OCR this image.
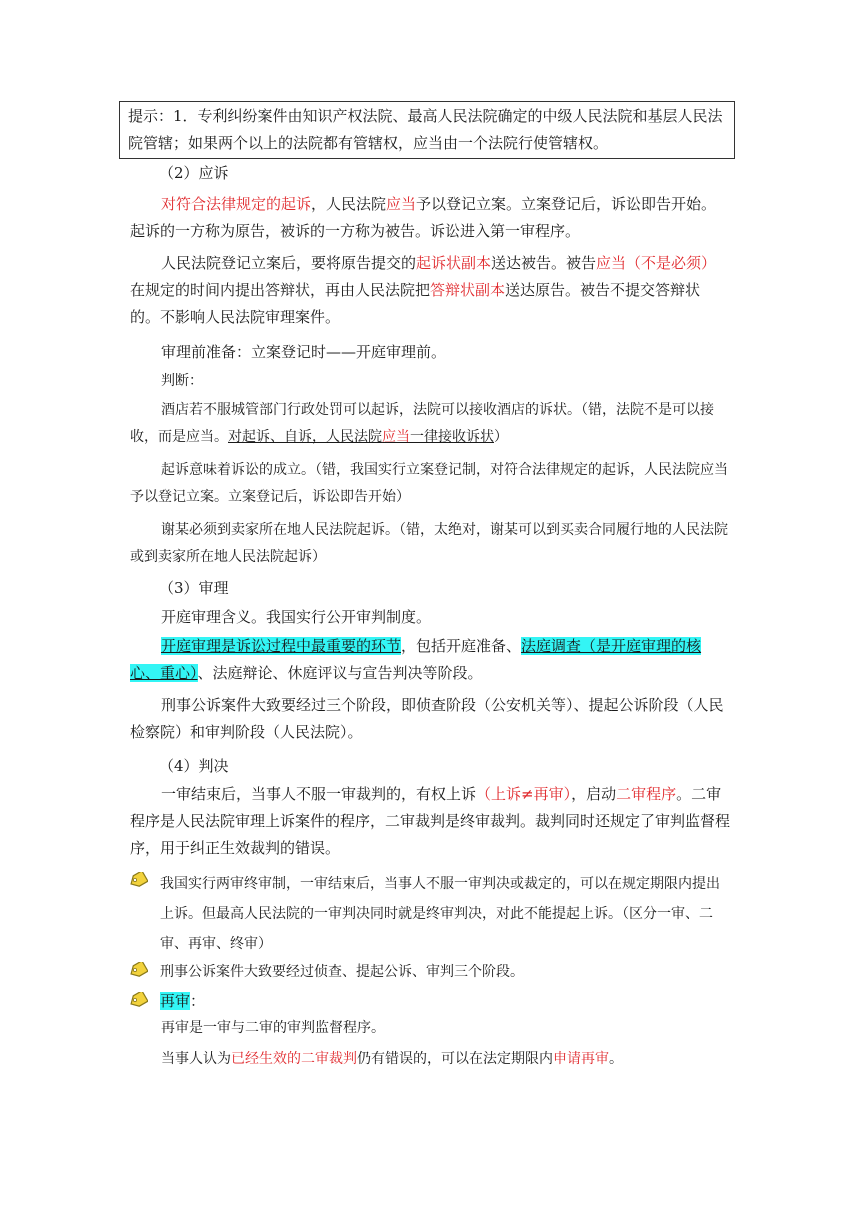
提示：1．专利纠纷案件由知识产权法院、最高人民法院确定的中级人民法院和基层人民法
院管辖；如果两个以上的法院都有管辖权，应当由一个法院行使管辖权。
（2）应诉

对符合法律规定的起诉，人民法院应当予以登记立案。立案登记后，诉讼即告开始。起诉的一方称为原告，被诉的一方称为被告。诉讼进入第一审程序。

人民法院登记立案后，要将原告提交的起诉状副本送达被告。被告应当（不是必须）在规定的时间内提出答辩状，再由人民法院把答辩状副本送达原告。被告不提交答辩状的。不影响人民法院审理案件。

审理前准备：立案登记时——开庭审理前。

判断：

酒店若不服城管部门行政处罚可以起诉，法院可以接收酒店的诉状。（错，法院不是可以接收，而是应当。对起诉、自诉，人民法院应当一律接收诉状）

起诉意味着诉讼的成立。（错，我国实行立案登记制，对符合法律规定的起诉，人民法院应当予以登记立案。立案登记后，诉讼即告开始）

谢某必须到卖家所在地人民法院起诉。（错，太绝对，谢某可以到买卖合同履行地的人民法院或到卖家所在地人民法院起诉）

（3）审理

开庭审理含义。我国实行公开审判制度。

开庭审理是诉讼过程中最重要的环节，包括开庭准备、法庭调查（是开庭审理的核心、重心）、法庭辩论、休庭评议与宣告判决等阶段。

刑事公诉案件大致要经过三个阶段，即侦查阶段（公安机关等）、提起公诉阶段（人民检察院）和审判阶段（人民法院）。

（4）判决

一审结束后，当事人不服一审裁判的，有权上诉（上诉≠再审），启动二审程序。二审程序是人民法院审理上诉案件的程序，二审裁判是终审裁判。裁判同时还规定了审判监督程序，用于纠正生效裁判的错误。

我国实行两审终审制，一审结束后，当事人不服一审判决或裁定的，可以在规定期限内提出上诉。但最高人民法院的一审判决同时就是终审判决，对此不能提起上诉。（区分一审、二审、再审、终审）

刑事公诉案件大致要经过侦查、提起公诉、审判三个阶段。

再审：

再审是一审与二审的审判监督程序。

当事人认为已经生效的二审裁判仍有错误的，可以在法定期限内申请再审。
